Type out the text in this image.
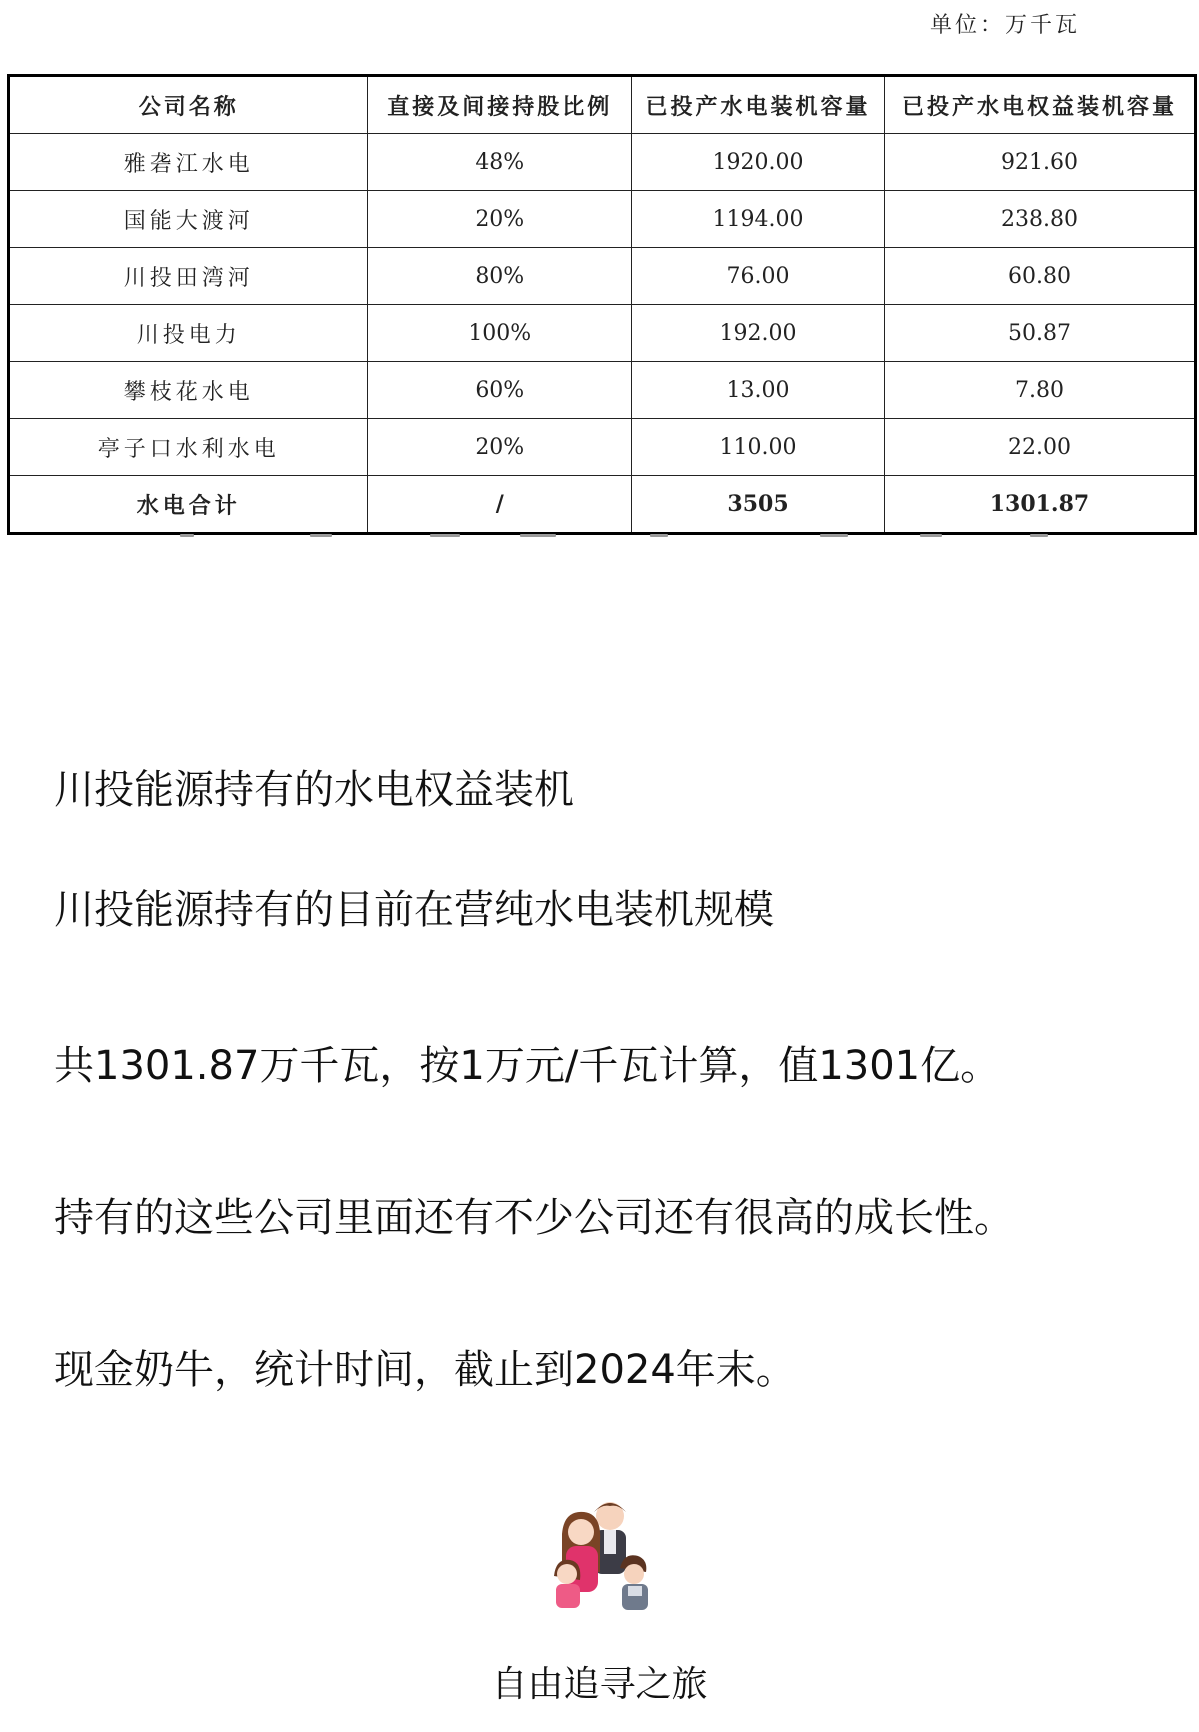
单位：万千瓦
公司名称	直接及间接持股比例	已投产水电装机容量	已投产水电权益装机容量
雅砻江水电	48%	1920.00	921.60
国能大渡河	20%	1194.00	238.80
川投田湾河	80%	76.00	60.80
川投电力	100%	192.00	50.87
攀枝花水电	60%	13.00	7.80
亭子口水利水电	20%	110.00	22.00
水电合计	/	3505	1301.87

川投能源持有的水电权益装机

川投能源持有的目前在营纯水电装机规模

共1301.87万千瓦，按1万元/千瓦计算，值1301亿。

持有的这些公司里面还有不少公司还有很高的成长性。

现金奶牛，统计时间，截止到2024年末。

自由追寻之旅
